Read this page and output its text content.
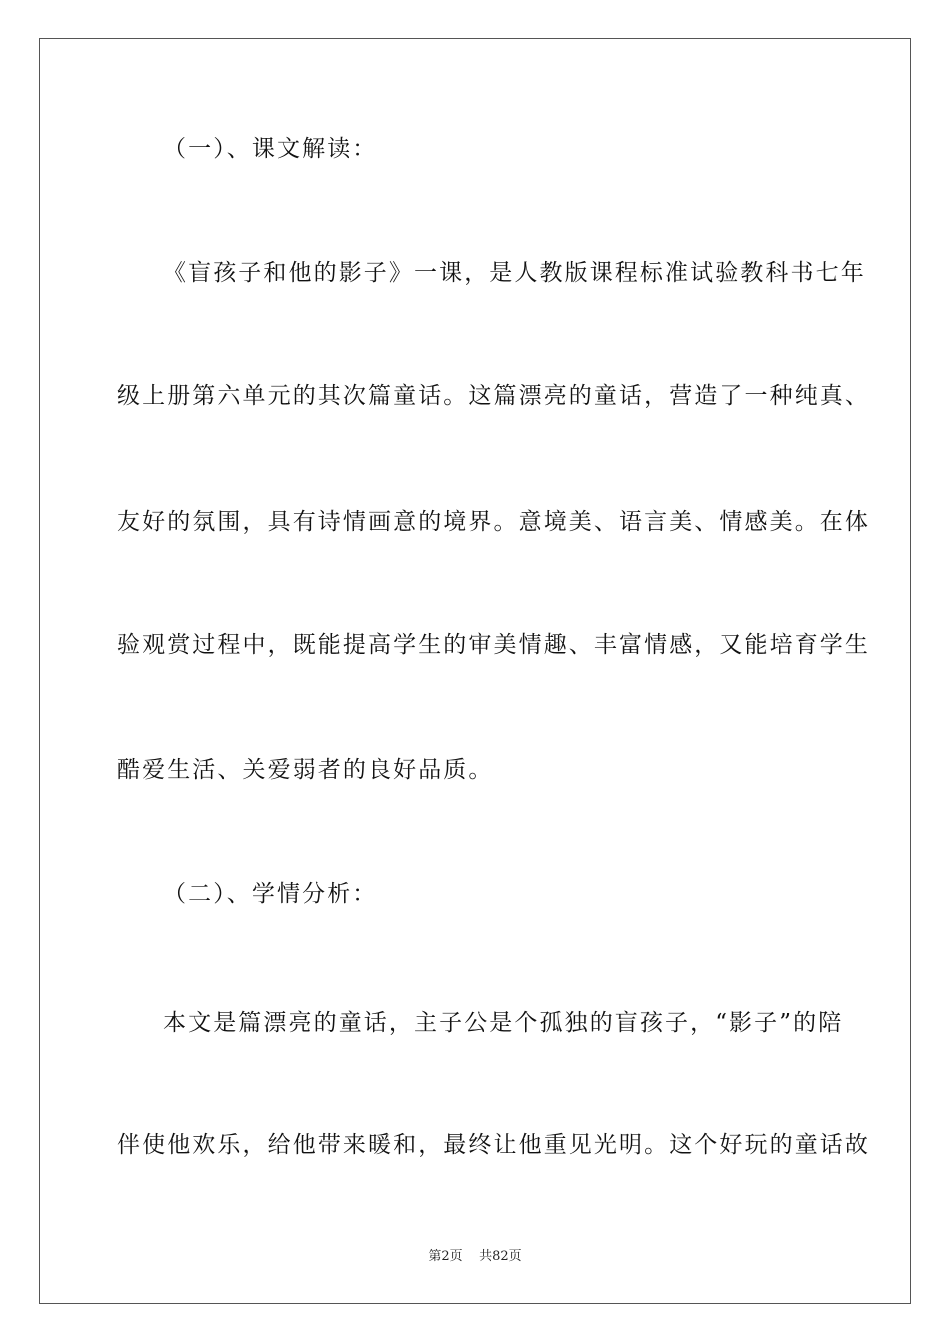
（一）、课文解读：
《盲孩子和他的影子》一课，是人教版课程标准试验教科书七年
级上册第六单元的其次篇童话。这篇漂亮的童话，营造了一种纯真、
友好的氛围，具有诗情画意的境界。意境美、语言美、情感美。在体
验观赏过程中，既能提高学生的审美情趣、丰富情感，又能培育学生
酷爱生活、关爱弱者的良好品质。
（二）、学情分析：
本文是篇漂亮的童话，主子公是个孤独的盲孩子，“影子”的陪
伴使他欢乐，给他带来暖和，最终让他重见光明。这个好玩的童话故
第2页 共82页
